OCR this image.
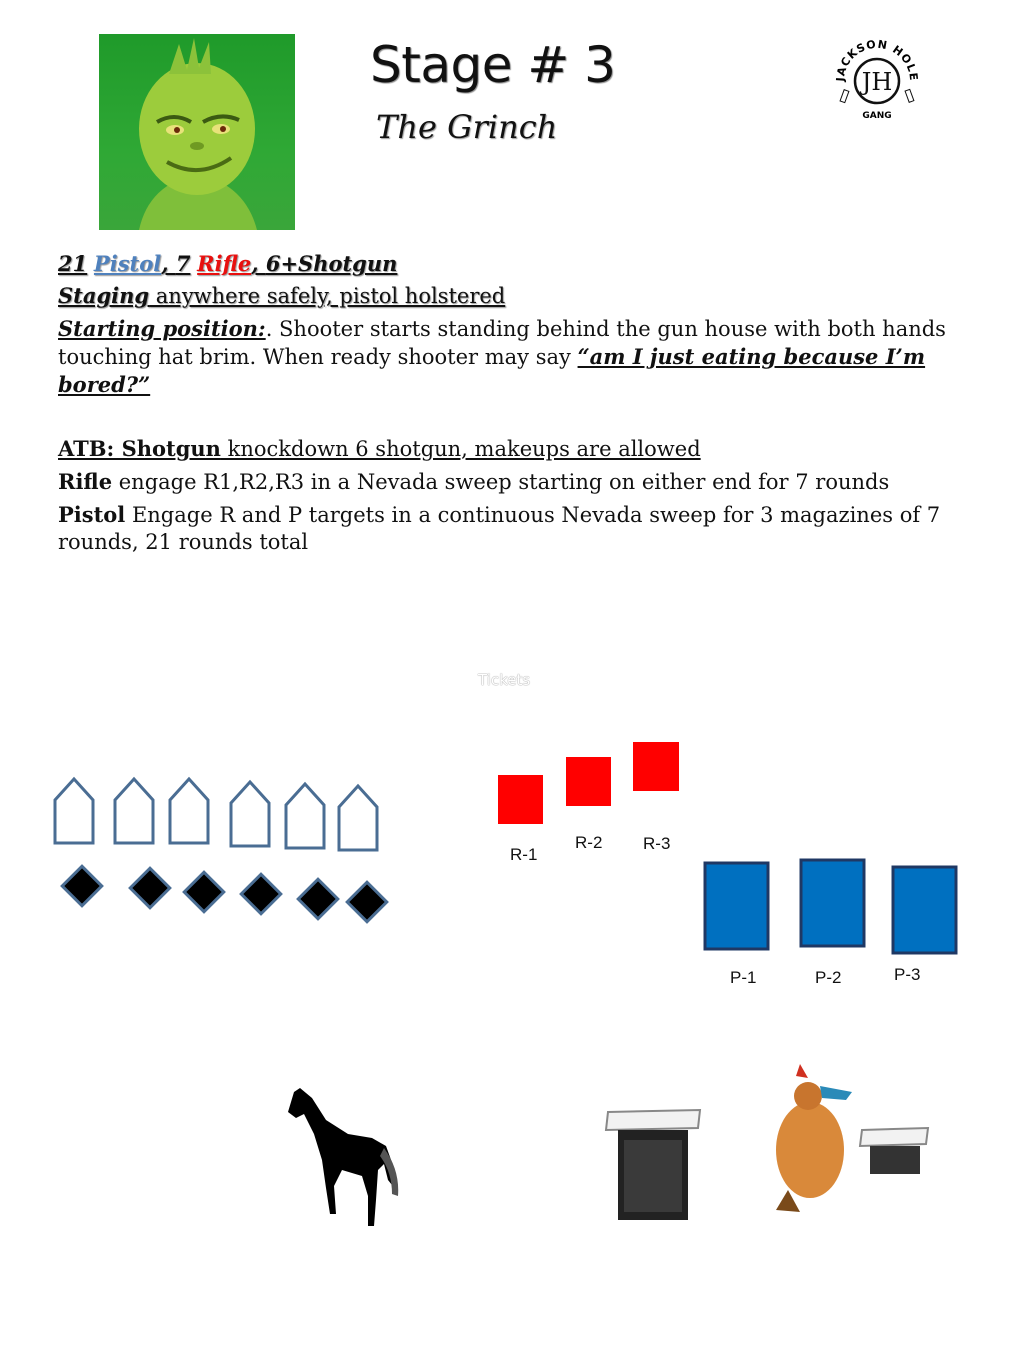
Stage # 3
The Grinch
JACKSON HOLE
JH
GANG
21 Pistol, 7 Rifle, 6+Shotgun
Staging anywhere safely, pistol holstered
Starting position:. Shooter starts standing behind the gun house with both hands touching hat brim. When ready shooter may say “am I just eating because I’m bored?”
ATB: Shotgun knockdown 6 shotgun, makeups are allowed
Rifle engage R1,R2,R3 in a Nevada sweep starting on either end for 7 rounds
Pistol Engage R and P targets in a continuous Nevada sweep for 3 magazines of 7 rounds, 21 rounds total
Tickets
R-1
R-2 R-3
P-1	P-2	P-3
